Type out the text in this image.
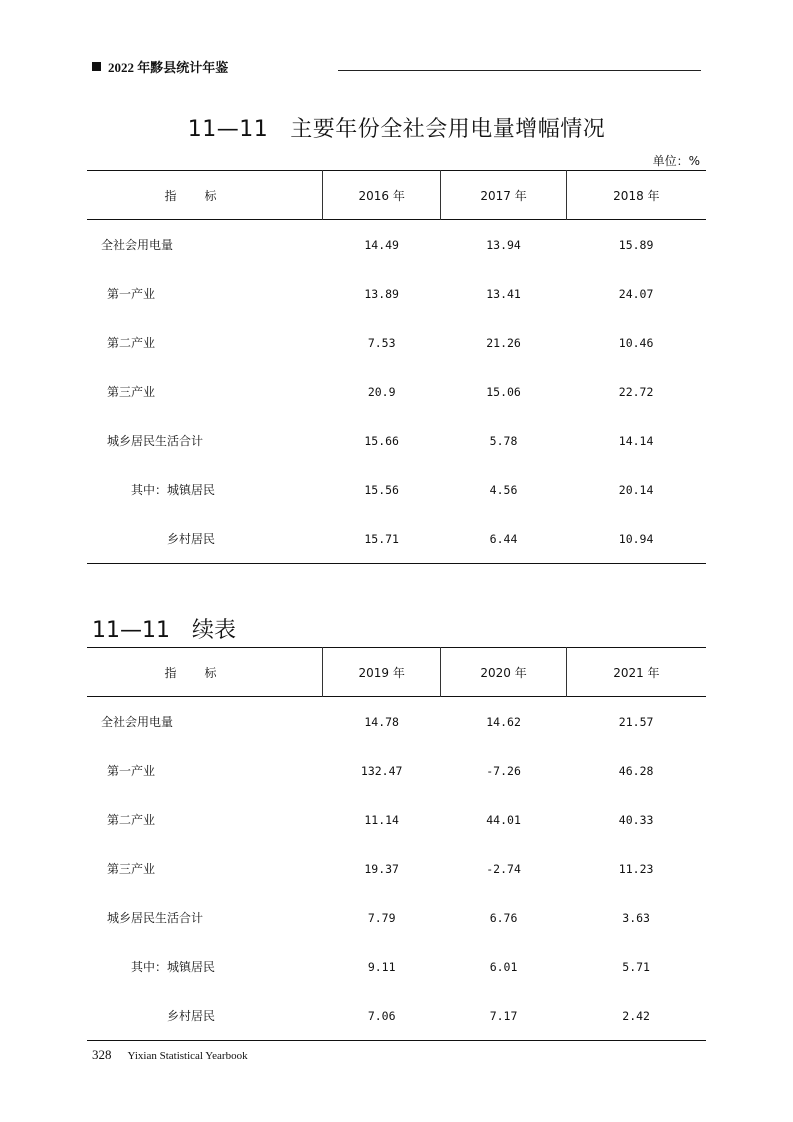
2022 年黟县统计年鉴
11—11 主要年份全社会用电量增幅情况
单位：%
指标	2016 年	2017 年	2018 年
全社会用电量	14.49	13.94	15.89
第一产业	13.89	13.41	24.07
第二产业	7.53	21.26	10.46
第三产业	20.9	15.06	22.72
城乡居民生活合计	15.66	5.78	14.14
其中：城镇居民	15.56	4.56	20.14
乡村居民	15.71	6.44	10.94
11—11 续表
指标	2019 年	2020 年	2021 年
全社会用电量	14.78	14.62	21.57
第一产业	132.47	-7.26	46.28
第二产业	11.14	44.01	40.33
第三产业	19.37	-2.74	11.23
城乡居民生活合计	7.79	6.76	3.63
其中：城镇居民	9.11	6.01	5.71
乡村居民	7.06	7.17	2.42
328 Yixian Statistical Yearbook
